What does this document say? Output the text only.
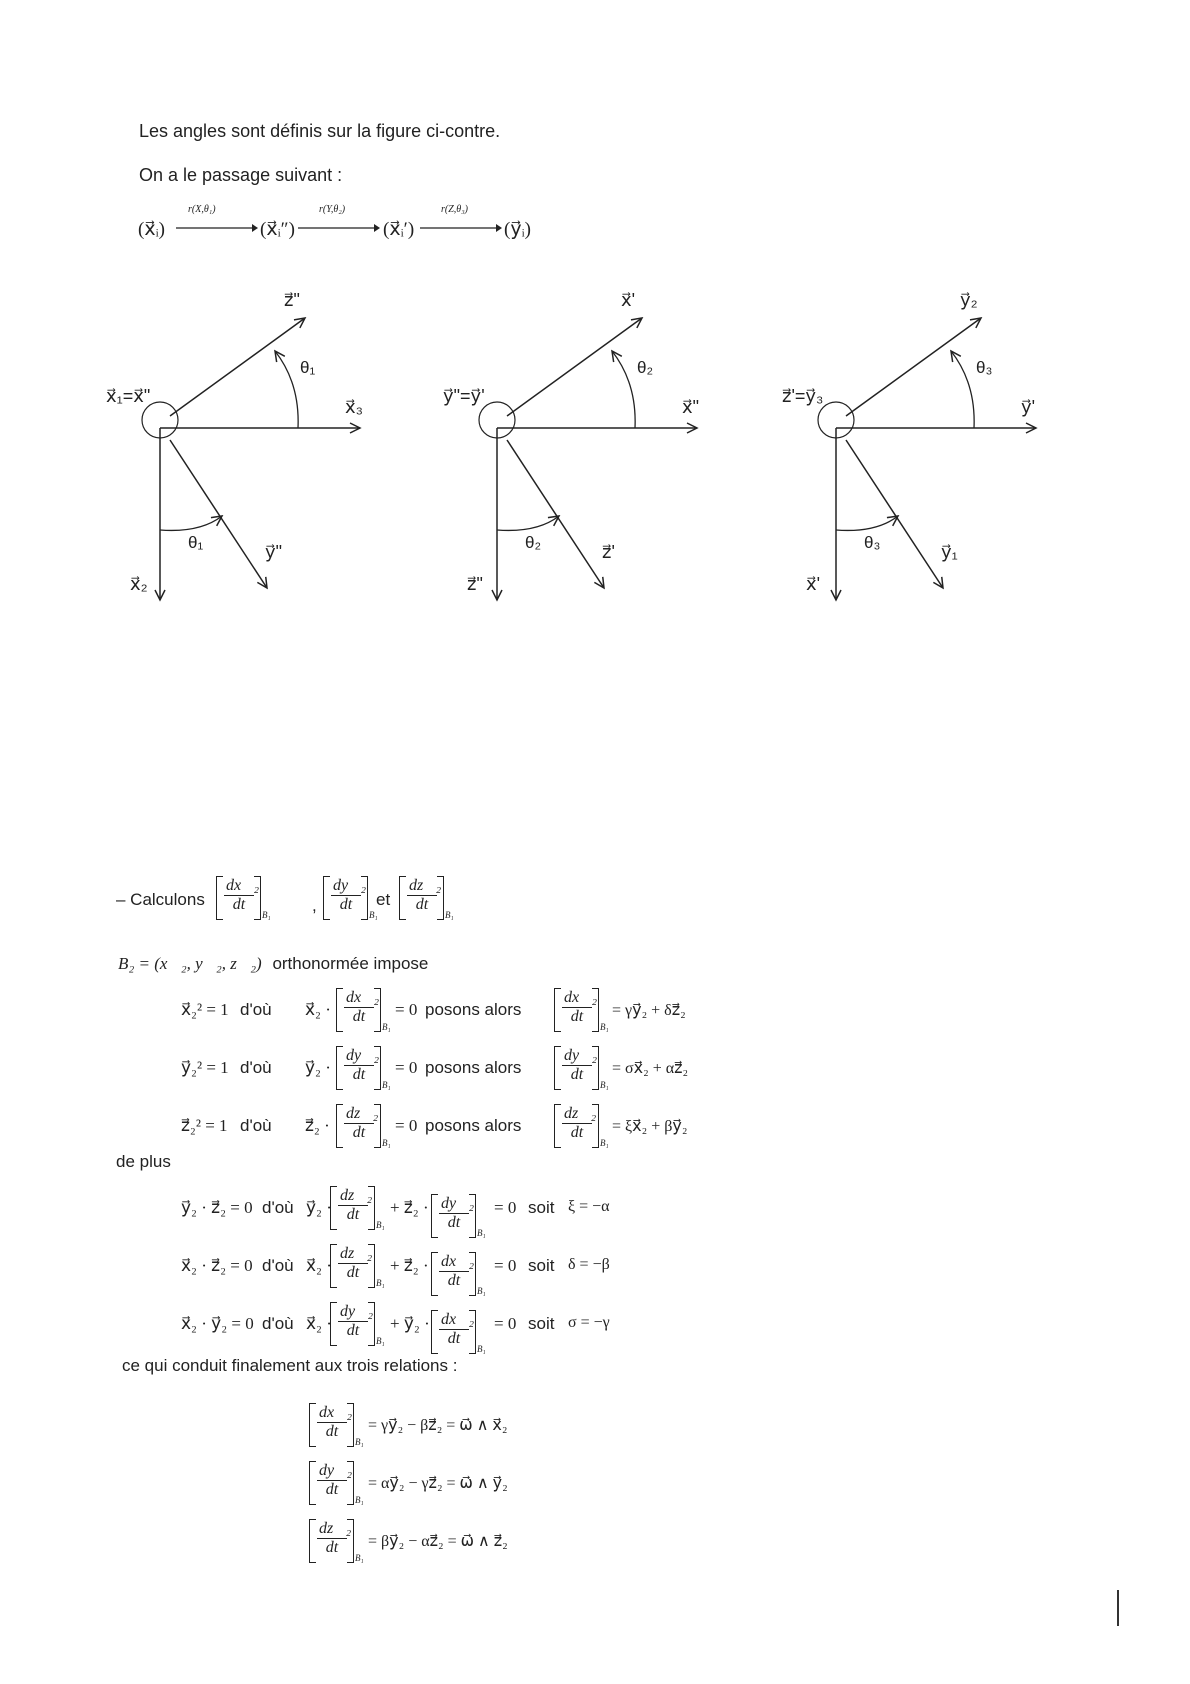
Les angles sont définis sur la figure ci-contre.
On a le passage suivant :
(x⃗ᵢ)
r(X,θ₁)
(x⃗ᵢ″)
r(Y,θ₂)
(x⃗ᵢ′)
r(Z,θ₃)
(y⃗ᵢ)
x⃗₁=x⃗"
z⃗"
x⃗₃
x⃗₂
y⃗"
θ₁
θ₁
y⃗"=y⃗'
x⃗'
x⃗"
z⃗"
z⃗'
θ₂
θ₂
z⃗'=y⃗₃
y⃗₂
y⃗'
x⃗'
y⃗₁
θ₃
θ₃
– Calculons	,	et
$\frac{\text{dx⃗₂}}{dt}$
B₁
$\frac{\text{dy⃗₂}}{dt}$
B₁
$\frac{\text{dz⃗₂}}{dt}$
B₁
B₂ = (x⃗₂, y⃗₂, z⃗₂) orthonormée impose
x⃗₂² = 1 d'où x⃗₂ · $\frac{\text{dx⃗₂}}{dt}$
B₁
= 0 posons alors	$\frac{\text{dx⃗₂}}{dt}$
B₁
= γy⃗₂ + δz⃗₂
y⃗₂² = 1 d'où y⃗₂ · $\frac{\text{dy⃗₂}}{dt}$
B₁
= 0 posons alors	$\frac{\text{dy⃗₂}}{dt}$
B₁
= σx⃗₂ + αz⃗₂
z⃗₂² = 1 d'où z⃗₂ · $\frac{\text{dz⃗₂}}{dt}$
B₁
= 0 posons alors	$\frac{\text{dz⃗₂}}{dt}$
B₁
= ξx⃗₂ + βy⃗₂
de plus
y⃗₂ · z⃗₂ = 0 d'où y⃗₂ · $\frac{\text{dz⃗₂}}{dt}$
B₁
+ z⃗₂ · $\frac{\text{dy⃗₂}}{dt}$
B₁
= 0 soit ξ = −α
x⃗₂ · z⃗₂ = 0 d'où x⃗₂ · $\frac{\text{dz⃗₂}}{dt}$
B₁
+ z⃗₂ · $\frac{\text{dx⃗₂}}{dt}$
B₁
= 0 soit δ = −β
x⃗₂ · y⃗₂ = 0 d'où x⃗₂ · $\frac{\text{dy⃗₂}}{dt}$
B₁
+ y⃗₂ · $\frac{\text{dx⃗₂}}{dt}$
B₁
= 0 soit σ = −γ
ce qui conduit finalement aux trois relations :
$\frac{\text{dx⃗₂}}{dt}$
B₁
= γy⃗₂ − βz⃗₂ = ω⃗ ∧ x⃗₂
$\frac{\text{dy⃗₂}}{dt}$
B₁
= αy⃗₂ − γz⃗₂ = ω⃗ ∧ y⃗₂
$\frac{\text{dz⃗₂}}{dt}$
B₁
= βy⃗₂ − αz⃗₂ = ω⃗ ∧ z⃗₂
